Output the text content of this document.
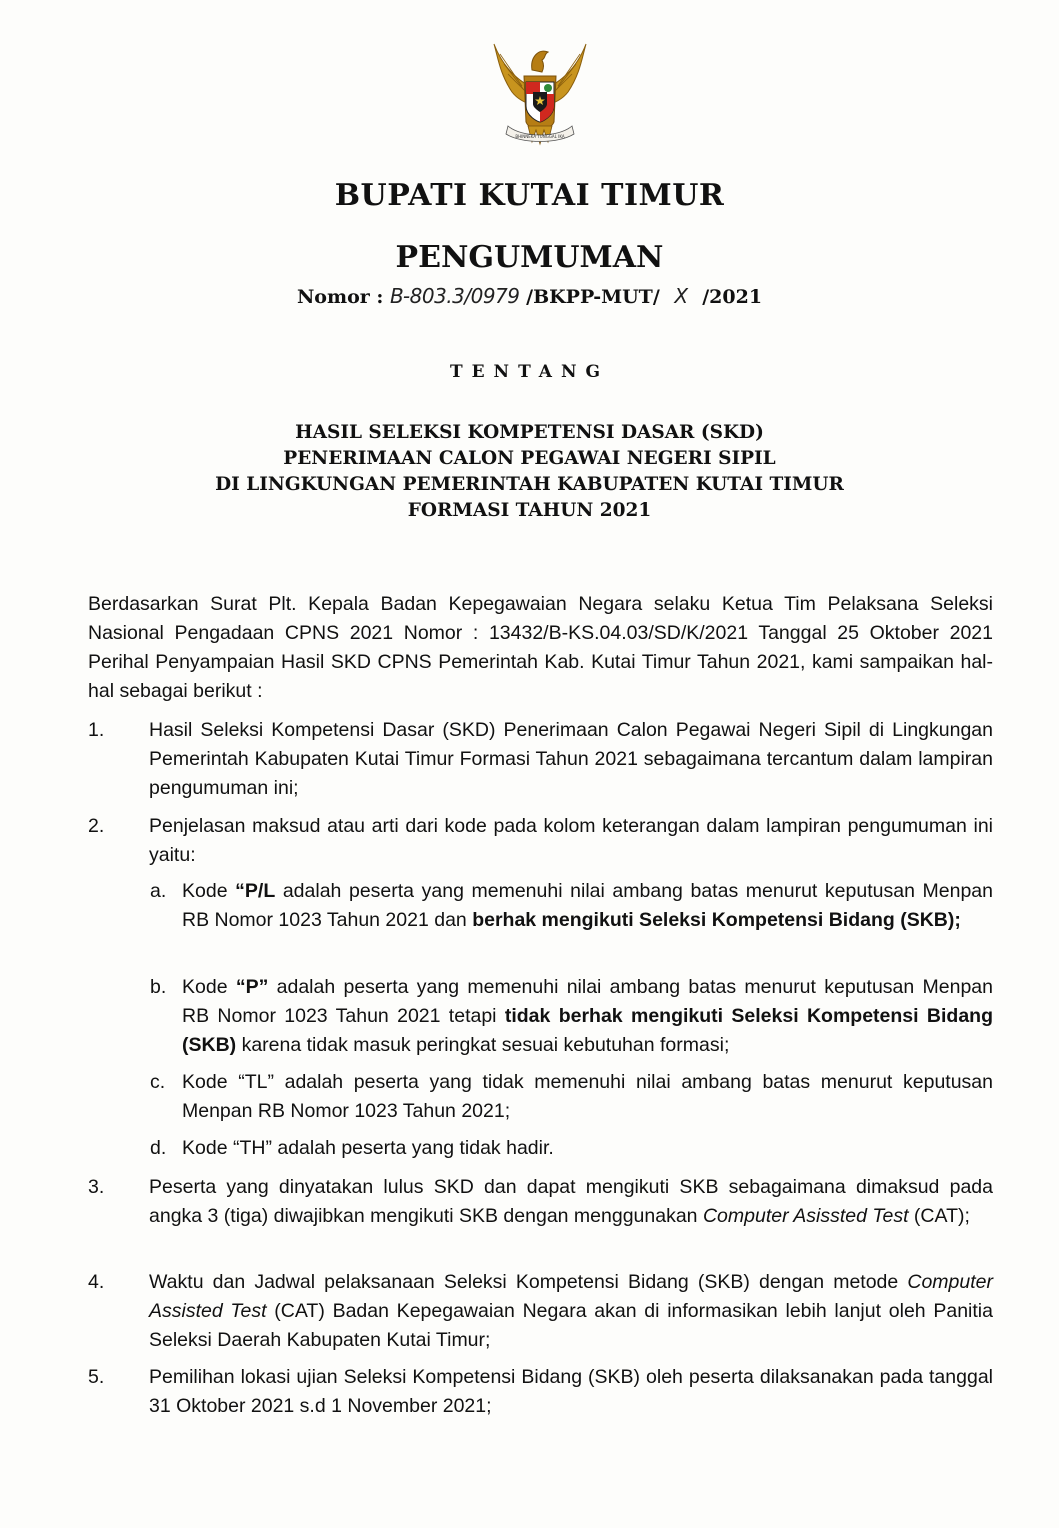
BHINNEKA TUNGGAL IKA
BUPATI KUTAI TIMUR
PENGUMUMAN
Nomor : B-803.3/0979 /BKPP-MUT/ X /2021
TENTANG
HASIL SELEKSI KOMPETENSI DASAR (SKD)
PENERIMAAN CALON PEGAWAI NEGERI SIPIL
DI LINGKUNGAN PEMERINTAH KABUPATEN KUTAI TIMUR
FORMASI TAHUN 2021
Berdasarkan Surat Plt. Kepala Badan Kepegawaian Negara selaku Ketua Tim Pelaksana Seleksi Nasional Pengadaan CPNS 2021 Nomor : 13432/B-KS.04.03/SD/K/2021 Tanggal 25 Oktober 2021 Perihal Penyampaian Hasil SKD CPNS Pemerintah Kab. Kutai Timur Tahun 2021, kami sampaikan hal-hal sebagai berikut :
1. Hasil Seleksi Kompetensi Dasar (SKD) Penerimaan Calon Pegawai Negeri Sipil di Lingkungan Pemerintah Kabupaten Kutai Timur Formasi Tahun 2021 sebagaimana tercantum dalam lampiran pengumuman ini;
2. Penjelasan maksud atau arti dari kode pada kolom keterangan dalam lampiran pengumuman ini yaitu:
a. Kode “P/L adalah peserta yang memenuhi nilai ambang batas menurut keputusan Menpan RB Nomor 1023 Tahun 2021 dan berhak mengikuti Seleksi Kompetensi Bidang (SKB);
b. Kode “P” adalah peserta yang memenuhi nilai ambang batas menurut keputusan Menpan RB Nomor 1023 Tahun 2021 tetapi tidak berhak mengikuti Seleksi Kompetensi Bidang (SKB) karena tidak masuk peringkat sesuai kebutuhan formasi;
c. Kode “TL” adalah peserta yang tidak memenuhi nilai ambang batas menurut keputusan Menpan RB Nomor 1023 Tahun 2021;
d. Kode “TH” adalah peserta yang tidak hadir.
3. Peserta yang dinyatakan lulus SKD dan dapat mengikuti SKB sebagaimana dimaksud pada angka 3 (tiga) diwajibkan mengikuti SKB dengan menggunakan Computer Asissted Test (CAT);
4. Waktu dan Jadwal pelaksanaan Seleksi Kompetensi Bidang (SKB) dengan metode Computer Assisted Test (CAT) Badan Kepegawaian Negara akan di informasikan lebih lanjut oleh Panitia Seleksi Daerah Kabupaten Kutai Timur;
5. Pemilihan lokasi ujian Seleksi Kompetensi Bidang (SKB) oleh peserta dilaksanakan pada tanggal 31 Oktober 2021 s.d 1 November 2021;
